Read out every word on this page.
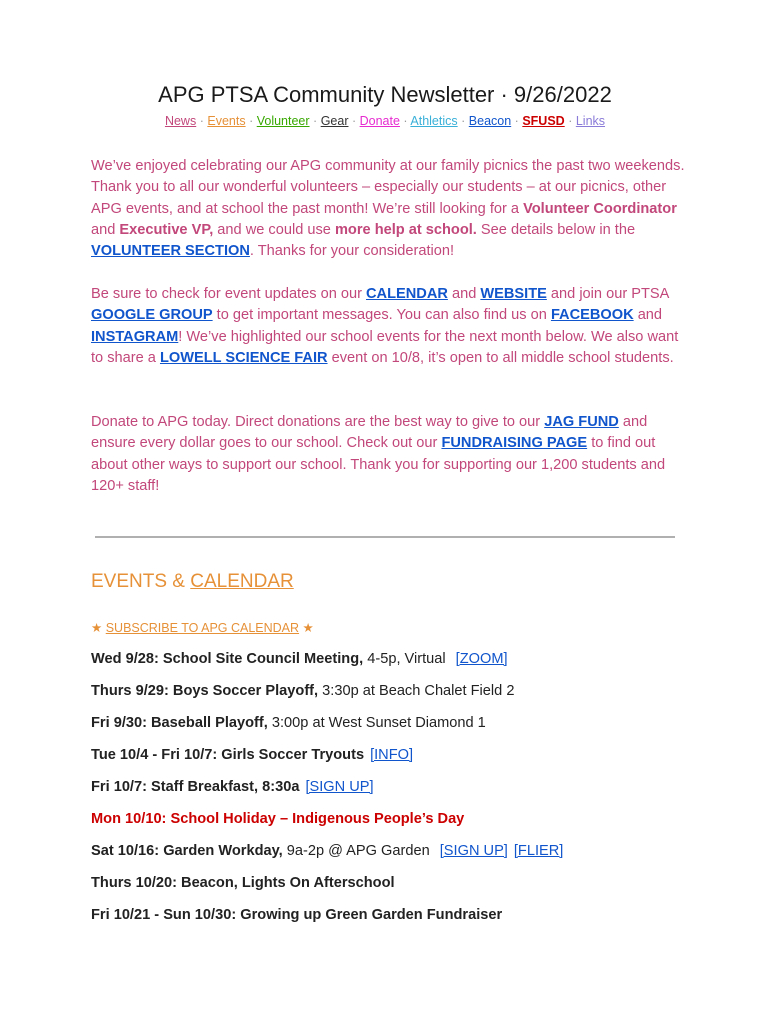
APG PTSA Community Newsletter · 9/26/2022
News · Events · Volunteer · Gear · Donate · Athletics · Beacon · SFUSD · Links
We’ve enjoyed celebrating our APG community at our family picnics the past two weekends. Thank you to all our wonderful volunteers – especially our students – at our picnics, other APG events, and at school the past month! We’re still looking for a Volunteer Coordinator and Executive VP, and we could use more help at school. See details below in the VOLUNTEER SECTION. Thanks for your consideration!
Be sure to check for event updates on our CALENDAR and WEBSITE and join our PTSA GOOGLE GROUP to get important messages. You can also find us on FACEBOOK and INSTAGRAM! We’ve highlighted our school events for the next month below. We also want to share a LOWELL SCIENCE FAIR event on 10/8, it’s open to all middle school students.
Donate to APG today. Direct donations are the best way to give to our JAG FUND and ensure every dollar goes to our school. Check out our FUNDRAISING PAGE to find out about other ways to support our school. Thank you for supporting our 1,200 students and 120+ staff!
EVENTS & CALENDAR
★ SUBSCRIBE TO APG CALENDAR ★
Wed 9/28: School Site Council Meeting, 4-5p, Virtual [ZOOM]
Thurs 9/29: Boys Soccer Playoff, 3:30p at Beach Chalet Field 2
Fri 9/30: Baseball Playoff, 3:00p at West Sunset Diamond 1
Tue 10/4 - Fri 10/7: Girls Soccer Tryouts [INFO]
Fri 10/7: Staff Breakfast, 8:30a [SIGN UP]
Mon 10/10: School Holiday – Indigenous People’s Day
Sat 10/16: Garden Workday, 9a-2p @ APG Garden [SIGN UP] [FLIER]
Thurs 10/20: Beacon, Lights On Afterschool
Fri 10/21 - Sun 10/30: Growing up Green Garden Fundraiser
